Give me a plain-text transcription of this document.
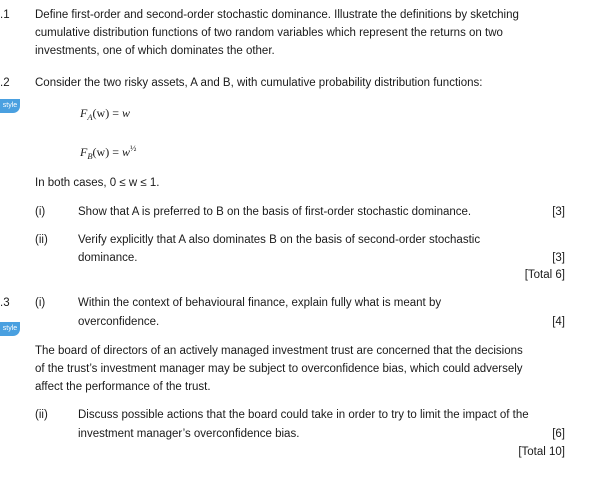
.1 Define first-order and second-order stochastic dominance. Illustrate the definitions by sketching
cumulative distribution functions of two random variables which represent the returns on two
investments, one of which dominates the other.
.2 Consider the two risky assets, A and B, with cumulative probability distribution functions:
style
$F_A(w) = w$
$F_B(w) = w^{\frac{1}{2}}$
In both cases, 0 ≤ w ≤ 1.
(i)	Show that A is preferred to B on the basis of first-order stochastic dominance.	[3]
(ii)	Verify explicitly that A also dominates B on the basis of second-order stochastic
dominance.	[3]
[Total 6]
.3 (i)	Within the context of behavioural finance, explain fully what is meant by
overconfidence.	[4]
style
The board of directors of an actively managed investment trust are concerned that the decisions
of the trust’s investment manager may be subject to overconfidence bias, which could adversely
affect the performance of the trust.
(ii)	Discuss possible actions that the board could take in order to try to limit the impact of the
investment manager’s overconfidence bias.	[6]
[Total 10]
